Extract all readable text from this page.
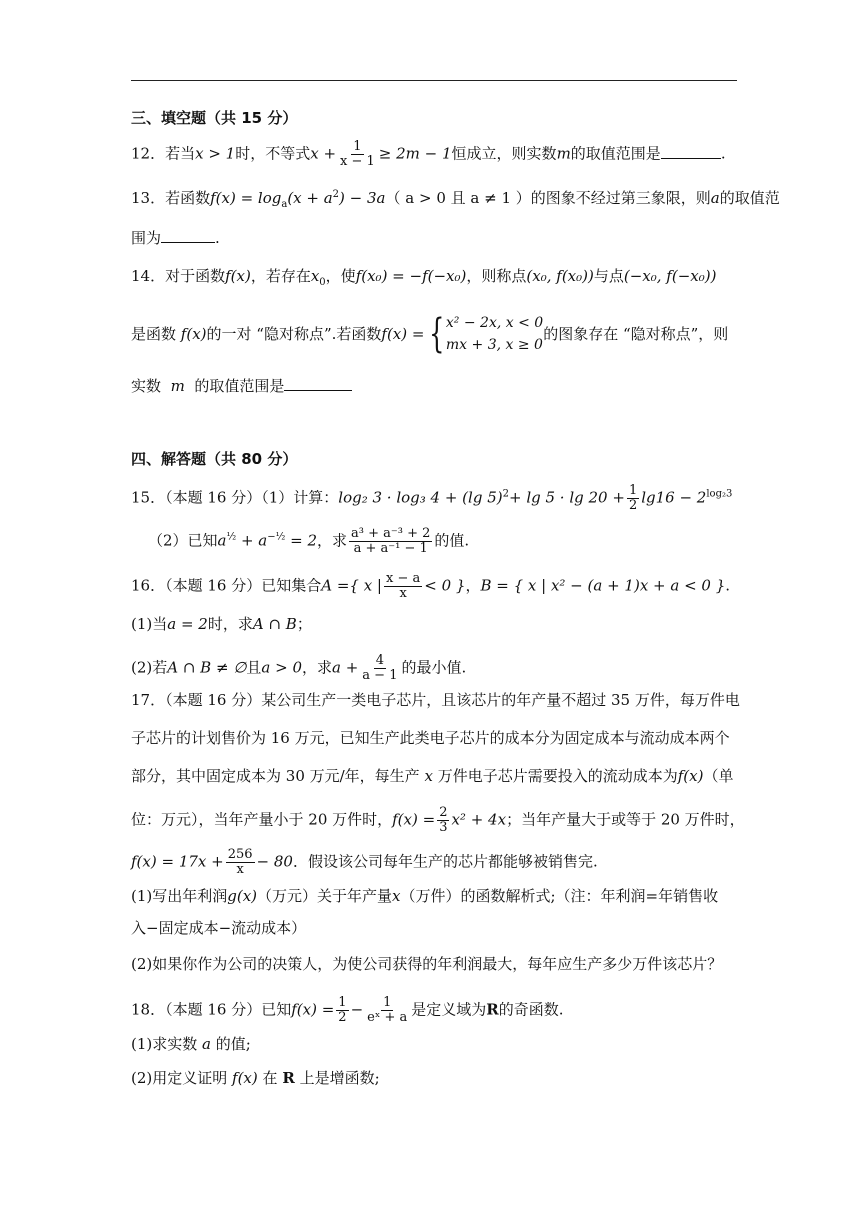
三、填空题（共 15 分）
12．若当x > 1时，不等式$x + \frac{1}{x - 1} \ge 2m - 1$恒成立，则实数m的取值范围是	.
13．若函数$f(x) = \log_a(x + a^2) - 3a$（ a > 0 且 a ≠ 1 ）的图象不经过第三象限，则a的取值范
围为	.
14．对于函数f(x)，若存在$x_0$，使f(x₀) = −f(−x₀)，则称点(x₀, f(x₀))与点(−x₀, f(−x₀))
是函数
f(x) 的一对 “隐对称点”.若函数 f(x) = { x² − 2x, x < 0
mx + 3, x ≥ 0
的图象存在 “隐对称点”，则
实数 m 的取值范围是
四、解答题（共 80 分）
15．（本题 16 分）（1）计算：log₂ 3 · log₃ 4 + (lg $5)^2+ \lg 5 \cdot \lg 20 + \frac{1}{2} \lg 16 - 2^{log_23}$
（2）已知$a^{\frac{1}{2}} + a^{-\frac{1}{2}} = 2$，求 $\frac{\text{a³ + a⁻³ + 2}}{\text{a + a⁻¹ − 1}}$ 的值.
16．（本题 16 分）已知集合A ={ x | $\frac{x - a}{x} < 0$ }，B = { x | x² − (a + 1)x + a < 0 }.
(1)当a = 2时，求A ∩ B；
(2)若A ∩ B ≠ ∅且a > 0，求$a + \frac{4}{a - 1}$ 的最小值.
17．（本题 16 分）某公司生产一类电子芯片，且该芯片的年产量不超过 35 万件，每万件电
子芯片的计划售价为 16 万元，已知生产此类电子芯片的成本分为固定成本与流动成本两个
部分，其中固定成本为 30 万元/年，每生产 x 万件电子芯片需要投入的流动成本为f(x)（单
位：万元），当年产量小于 20 万件时，$f(x) = \frac{2}{3} x^2 + 4x$；当年产量大于或等于 20 万件时，
$f(x) = 17x + \frac{256}{x} - 80$．假设该公司每年生产的芯片都能够被销售完.
(1)写出年利润g(x)（万元）关于年产量x（万件）的函数解析式;（注：年利润=年销售收
入−固定成本−流动成本）
(2)如果你作为公司的决策人，为使公司获得的年利润最大，每年应生产多少万件该芯片？
18．（本题 16 分）已知$f(x) = \frac{1}{2} - \frac{1}{\text{eˣ + a}}$ 是定义域为R的奇函数.
(1)求实数 a 的值;
(2)用定义证明 f(x) 在 R 上是增函数;
